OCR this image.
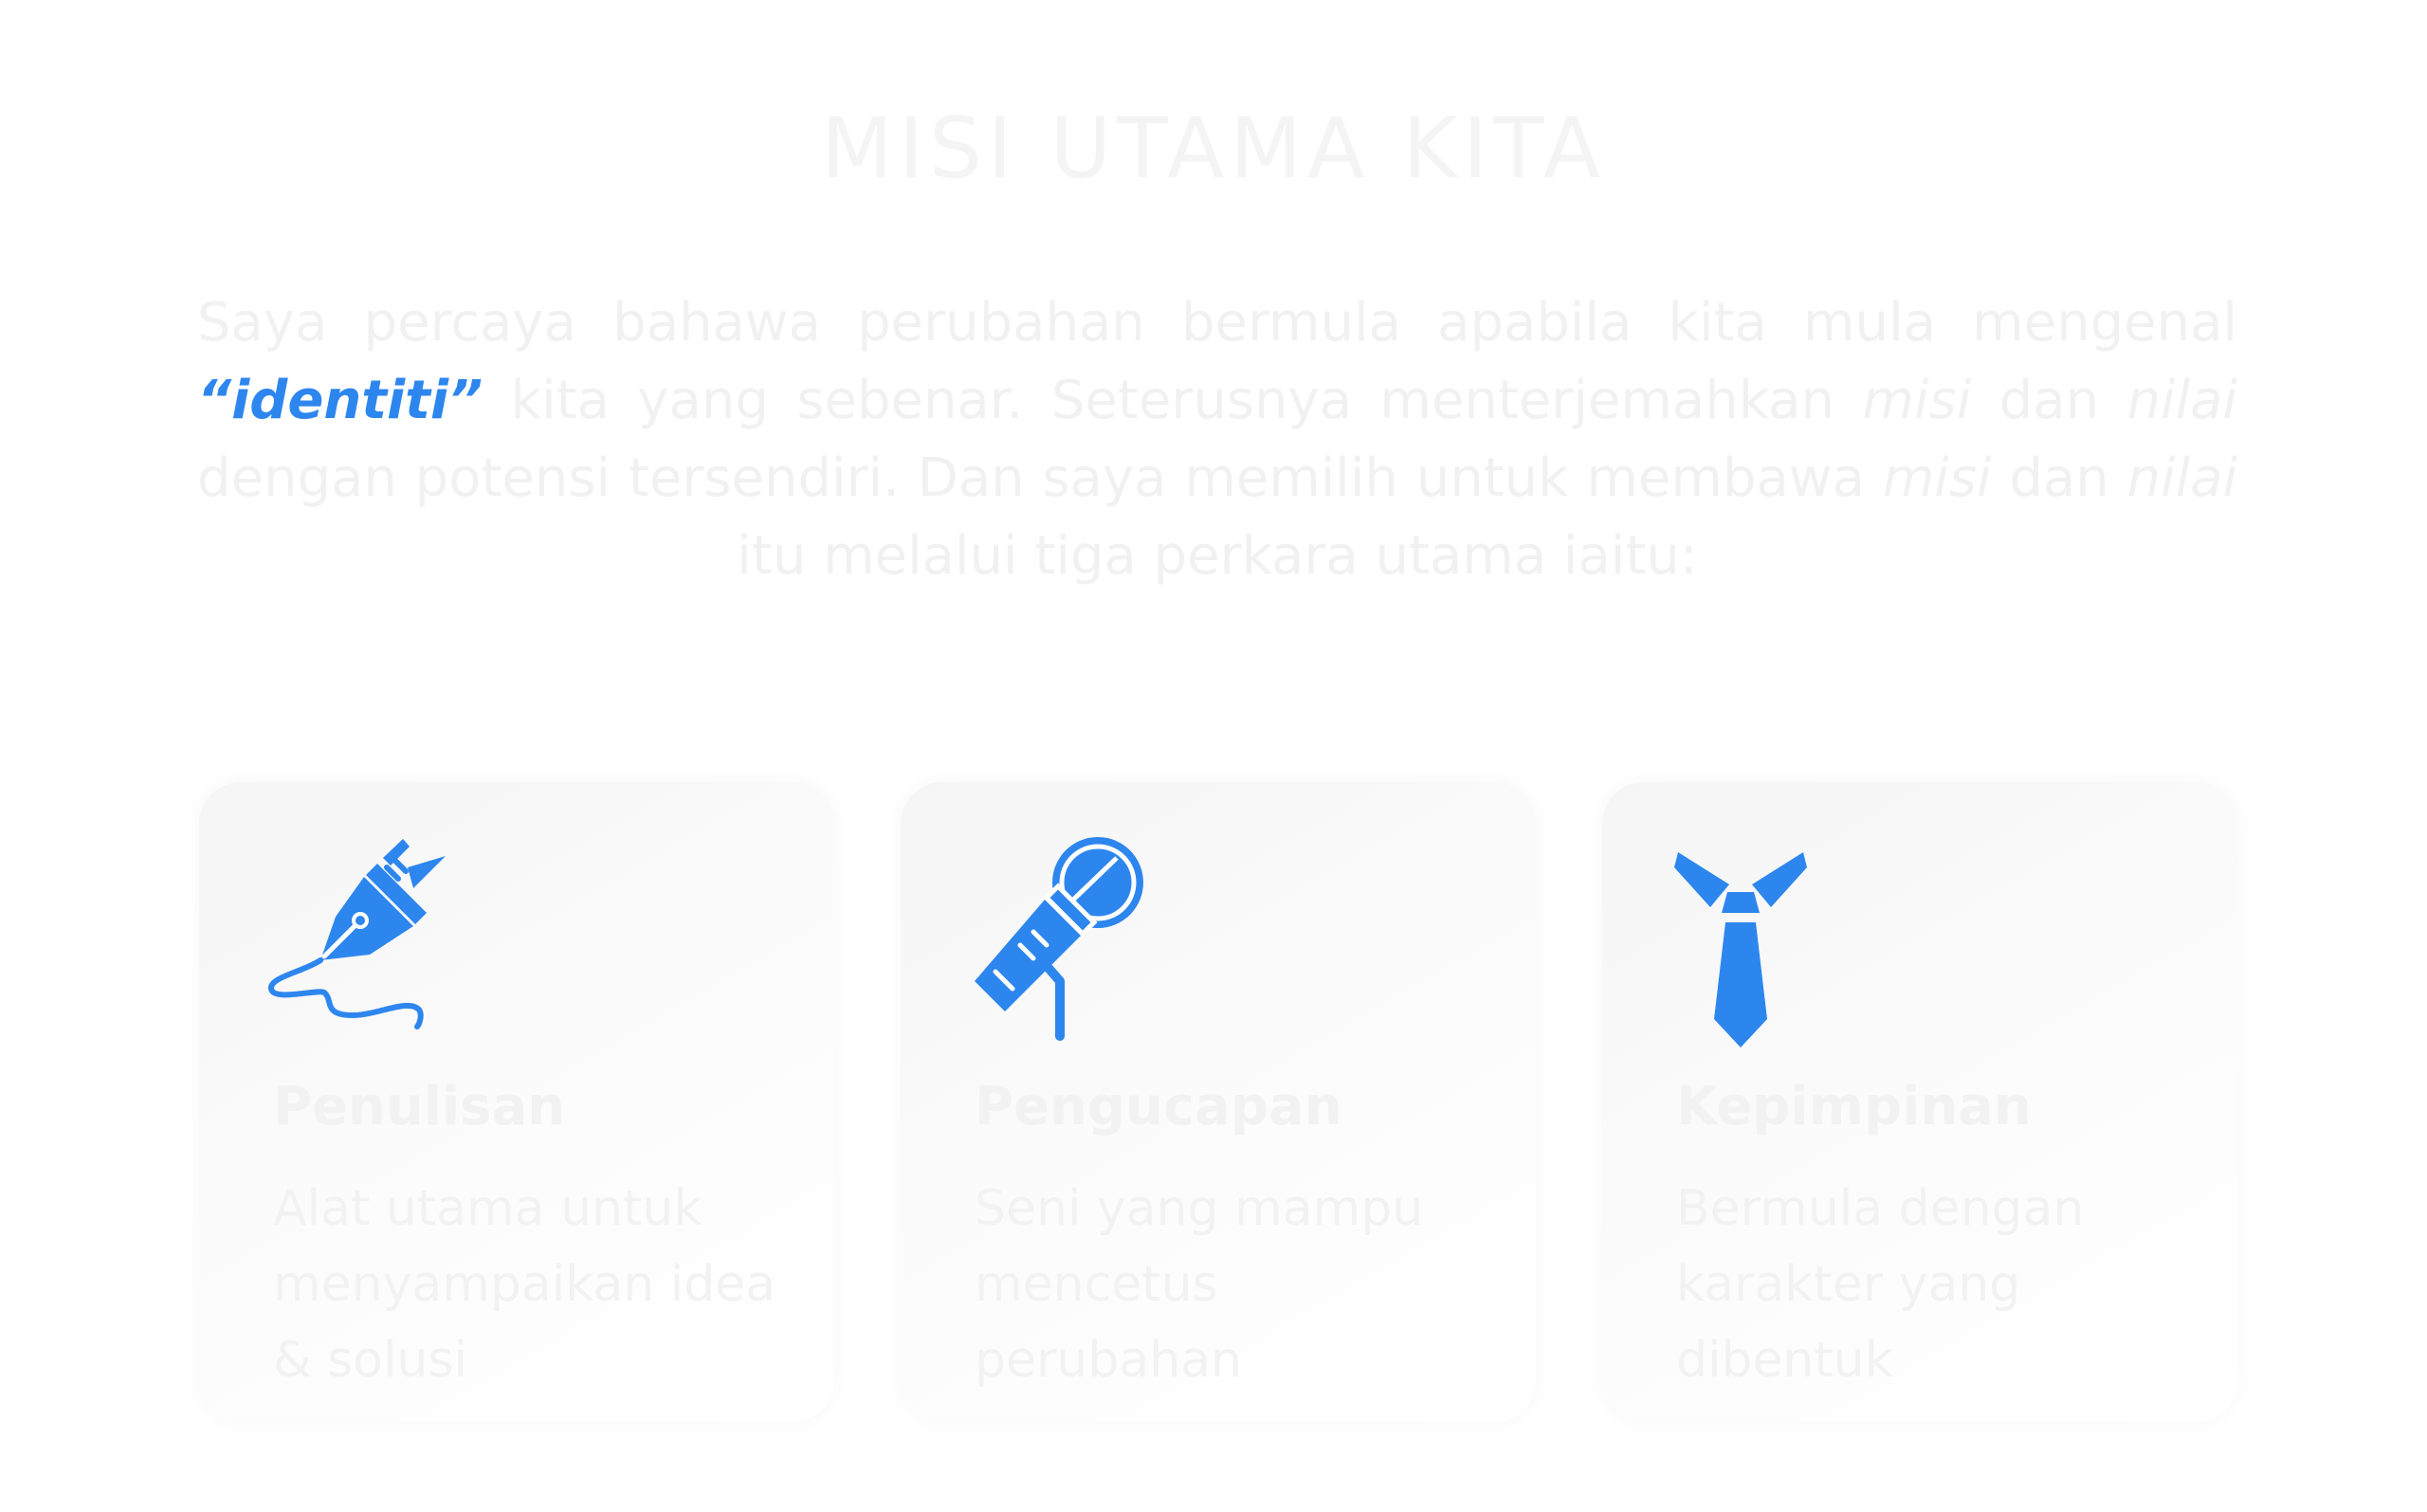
MISI UTAMA KITA

Saya percaya bahawa perubahan bermula apabila kita mula mengenal “identiti” kita yang sebenar. Seterusnya menterjemahkan misi dan nilai dengan potensi tersendiri. Dan saya memilih untuk membawa misi dan nilai itu melalui tiga perkara utama iaitu:

Penulisan

Alat utama untuk menyampaikan idea & solusi

Pengucapan

Seni yang mampu mencetus perubahan

Kepimpinan

Bermula dengan karakter yang dibentuk
